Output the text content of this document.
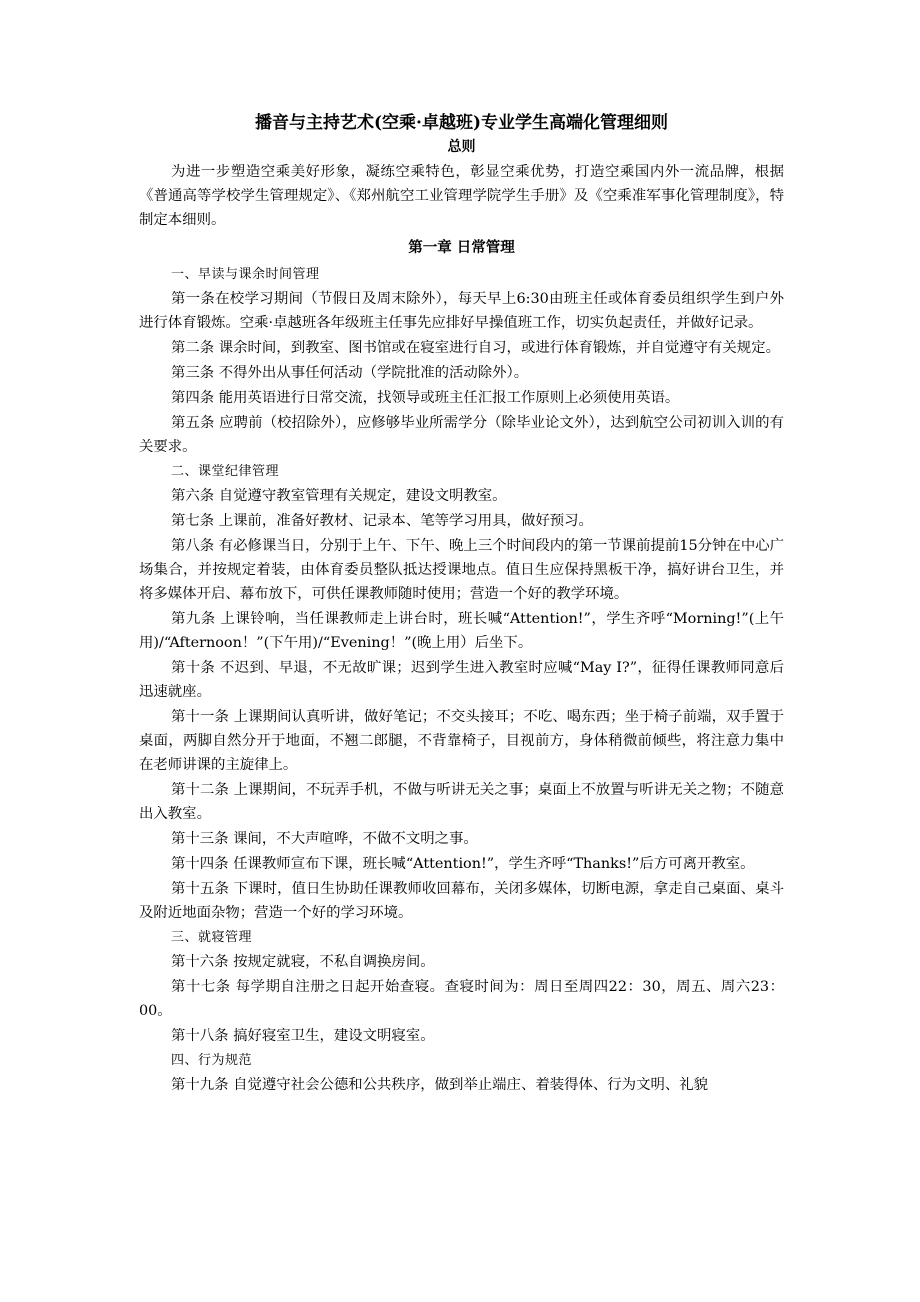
播音与主持艺术(空乘·卓越班)专业学生高端化管理细则

总则

为进一步塑造空乘美好形象，凝练空乘特色，彰显空乘优势，打造空乘国内外一流品牌，根据《普通高等学校学生管理规定》、《郑州航空工业管理学院学生手册》及《空乘准军事化管理制度》，特制定本细则。

第一章 日常管理

一、早读与课余时间管理

第一条在校学习期间（节假日及周末除外），每天早上6:30由班主任或体育委员组织学生到户外进行体育锻炼。空乘·卓越班各年级班主任事先应排好早操值班工作，切实负起责任，并做好记录。

第二条 课余时间，到教室、图书馆或在寝室进行自习，或进行体育锻炼，并自觉遵守有关规定。

第三条 不得外出从事任何活动（学院批准的活动除外）。

第四条 能用英语进行日常交流，找领导或班主任汇报工作原则上必须使用英语。

第五条 应聘前（校招除外），应修够毕业所需学分（除毕业论文外），达到航空公司初训入训的有关要求。

二、课堂纪律管理

第六条 自觉遵守教室管理有关规定，建设文明教室。

第七条 上课前，准备好教材、记录本、笔等学习用具，做好预习。

第八条 有必修课当日，分别于上午、下午、晚上三个时间段内的第一节课前提前15分钟在中心广场集合，并按规定着装，由体育委员整队抵达授课地点。值日生应保持黑板干净，搞好讲台卫生，并将多媒体开启、幕布放下，可供任课教师随时使用；营造一个好的教学环境。

第九条 上课铃响，当任课教师走上讲台时，班长喊“Attention!”，学生齐呼“Morning!”(上午用)/“Afternoon！”(下午用)/“Evening！”(晚上用）后坐下。

第十条 不迟到、早退，不无故旷课；迟到学生进入教室时应喊“May I?”，征得任课教师同意后迅速就座。

第十一条 上课期间认真听讲，做好笔记；不交头接耳；不吃、喝东西；坐于椅子前端，双手置于桌面，两脚自然分开于地面，不翘二郎腿，不背靠椅子，目视前方，身体稍微前倾些，将注意力集中在老师讲课的主旋律上。

第十二条 上课期间，不玩弄手机，不做与听讲无关之事；桌面上不放置与听讲无关之物；不随意出入教室。

第十三条 课间，不大声喧哗，不做不文明之事。

第十四条 任课教师宣布下课，班长喊“Attention!”，学生齐呼“Thanks!”后方可离开教室。

第十五条 下课时，值日生协助任课教师收回幕布，关闭多媒体，切断电源，拿走自己桌面、桌斗及附近地面杂物；营造一个好的学习环境。

三、就寝管理

第十六条 按规定就寝，不私自调换房间。

第十七条 每学期自注册之日起开始查寝。查寝时间为：周日至周四22：30，周五、周六23：00。

第十八条 搞好寝室卫生，建设文明寝室。

四、行为规范

第十九条 自觉遵守社会公德和公共秩序，做到举止端庄、着装得体、行为文明、礼貌
